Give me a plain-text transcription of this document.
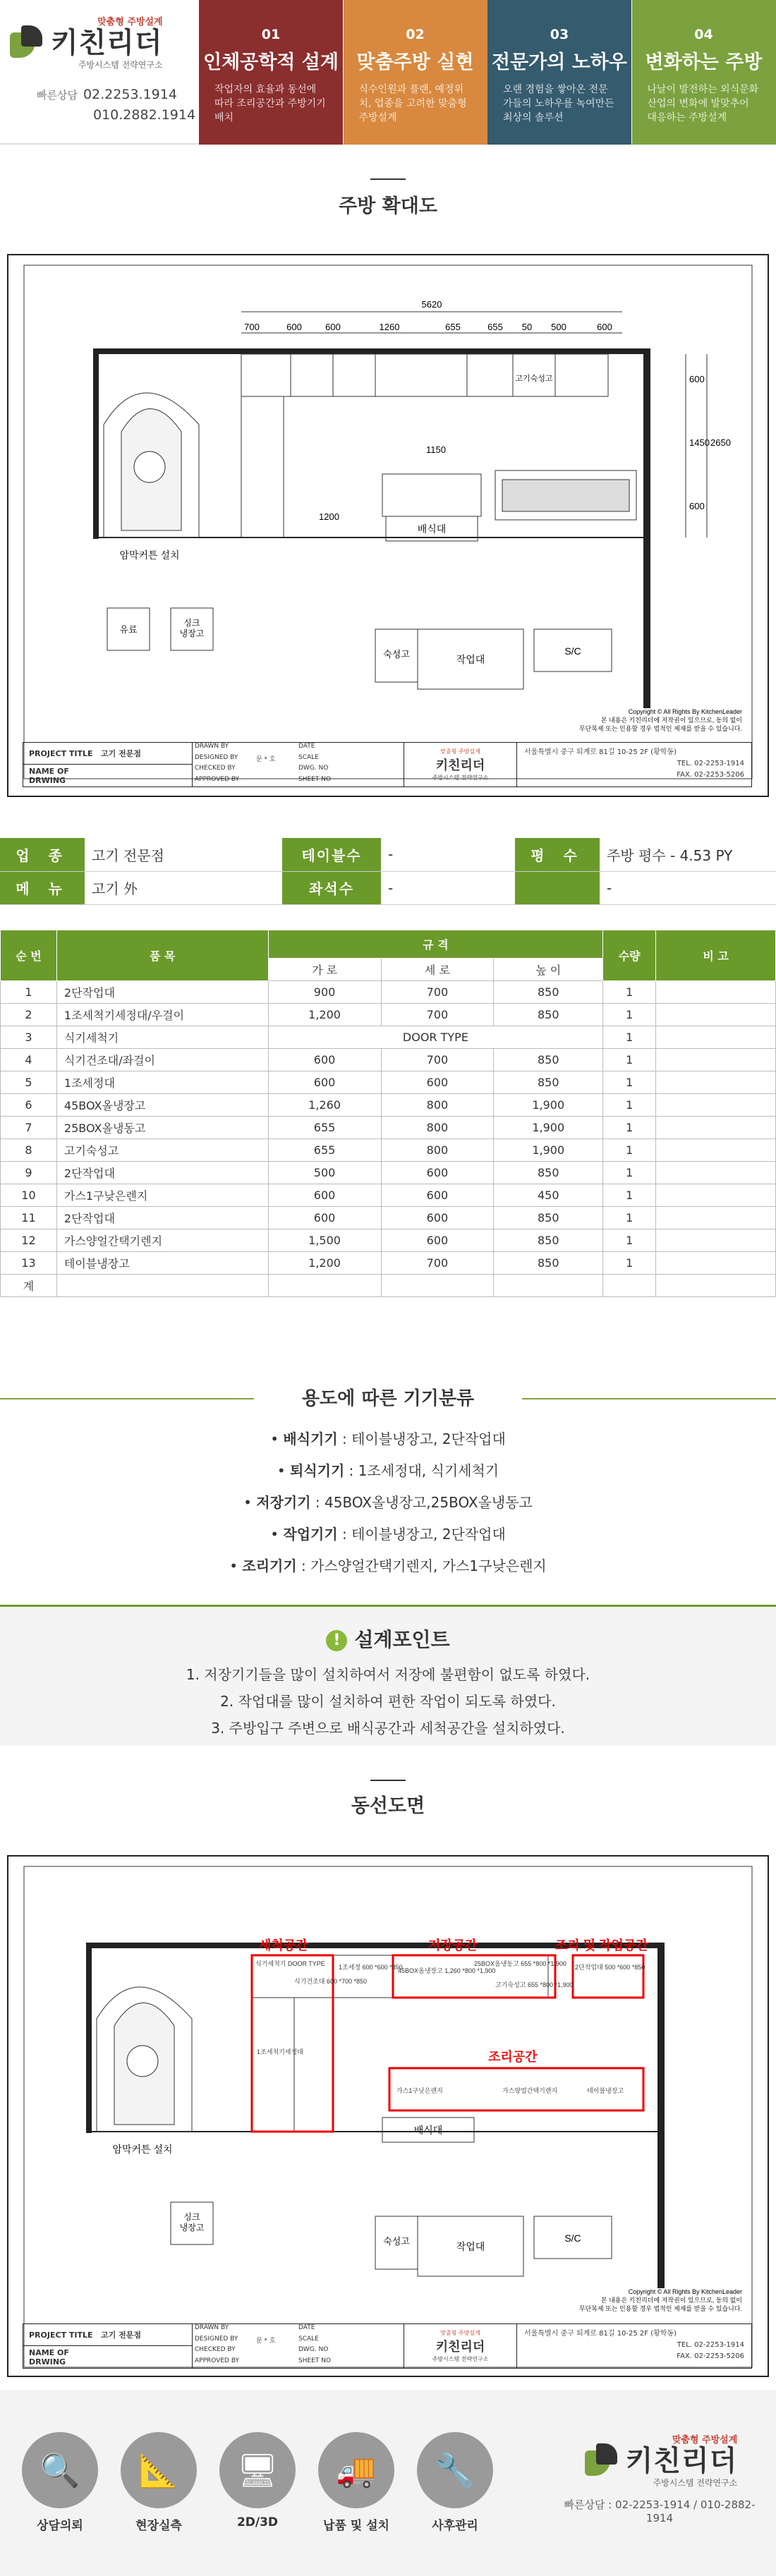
맞춤형 주방설계
키친리더
주방시스템 전략연구소
빠른상담 02.2253.1914
010.2882.1914
01
인체공학적 설계
작업자의 효율과 동선에 따라 조리공간과 주방기기 배치
02
맞춤주방 실현
식수인원과 플랜, 예정위치, 업종을 고려한 맞춤형 주방설계
03
전문가의 노하우
오랜 경험을 쌓아온 전문가들의 노하우를 녹여만든 최상의 솔루션
04
변화하는 주방
나날이 발전하는 외식문화 산업의 변화에 발맞추어 대응하는 주방설계
주방 확대도
5620
700	600	600	1260	655	655 50 500	600
600
1450 2650
600
1200
1150
암막커튼 설치
고기숙성고
배식대
작업대
S/C
숙성고
유료
싱크
냉장고
Copyright © All Rights By KitchenLeader
본 내용은 키친리더에 저작권이 있으므로, 동의 없이
무단복제 또는 인용할 경우 법적인 제재를 받을 수 있습니다.
PROJECT TITLE	고기 전문점
NAME OF DRWING
DRAWN BY	DATE
DESIGNED BY	문 * 호	SCALE
CHECKED BY	DWG. NO
APPROVED BY	SHEET NO
맞춤형 주방설계
키친리더
주방시스템 전략연구소
서울특별시 중구 퇴계로 81길 10-25 2F (황학동)
TEL. 02-2253-1914
FAX. 02-2253-5206
업 종	고기 전문점	테이블수	-	평 수	주방 평수 - 4.53 PY
메 뉴	고기 外	좌석수	-		-
순 번	품 목	규 격			수량	비 고
		가 로	세 로	높 이		
1	2단작업대	900	700	850	1	
2	1조세척기세정대/우걸이	1,200	700	850	1	
3	식기세척기	DOOR TYPE			1	
4	식기건조대/좌걸이	600	700	850	1	
5	1조세정대	600	600	850	1	
6	45BOX올냉장고	1,260	800	1,900	1	
7	25BOX올냉동고	655	800	1,900	1	
8	고기숙성고	655	800	1,900	1	
9	2단작업대	500	600	850	1	
10	가스1구낮은렌지	600	600	450	1	
11	2단작업대	600	600	850	1	
12	가스양얼간택기렌지	1,500	600	850	1	
13	테이블냉장고	1,200	700	850	1	
계						
용도에 따른 기기분류
• 배식기기 : 테이블냉장고, 2단작업대
• 퇴식기기 : 1조세정대, 식기세척기
• 저장기기 : 45BOX올냉장고,25BOX올냉동고
• 작업기기 : 테이블냉장고, 2단작업대
• 조리기기 : 가스양얼간택기렌지, 가스1구낮은렌지
! 설계포인트
1. 저장기기들을 많이 설치하여서 저장에 불편함이 없도록 하였다.
2. 작업대를 많이 설치하여 편한 작업이 되도록 하였다.
3. 주방입구 주변으로 배식공간과 세척공간을 설치하였다.
동선도면
암막커튼 설치
배식대
작업대
S/C
숙성고
싱크
냉장고
세척공간	저장공간	조리 및 작업공간
조리공간
식기세척기 DOOR TYPE
식기건조대 600 *700 *850
1조세정 600 *600 *850
45BOX올냉장고 1,260 *800 *1,900
25BOX올냉동고 655 *800 *1,900
고기숙성고 655 *800 *1,900
2단작업대 500 *600 *850
가스1구낮은렌지	가스양얼간택기렌지	테이블냉장고
1조세척기세정대
Copyright © All Rights By KitchenLeader
본 내용은 키친리더에 저작권이 있으므로, 동의 없이
무단복제 또는 인용할 경우 법적인 제재를 받을 수 있습니다.
PROJECT TITLE	고기 전문점
NAME OF DRWING
DRAWN BY	DATE
DESIGNED BY	문 * 호	SCALE
CHECKED BY	DWG. NO
APPROVED BY	SHEET NO
맞춤형 주방설계
키친리더
주방시스템 전략연구소
서울특별시 중구 퇴계로 81길 10-25 2F (황학동)
TEL. 02-2253-1914
FAX. 02-2253-5206
🔍
상담의뢰
📐
현장실측
🖥
2D/3D
🚚
납품 및 설치
🔧
사후관리
맞춤형 주방설계
키친리더
주방시스템 전략연구소
빠른상담 : 02-2253-1914 / 010-2882-1914
